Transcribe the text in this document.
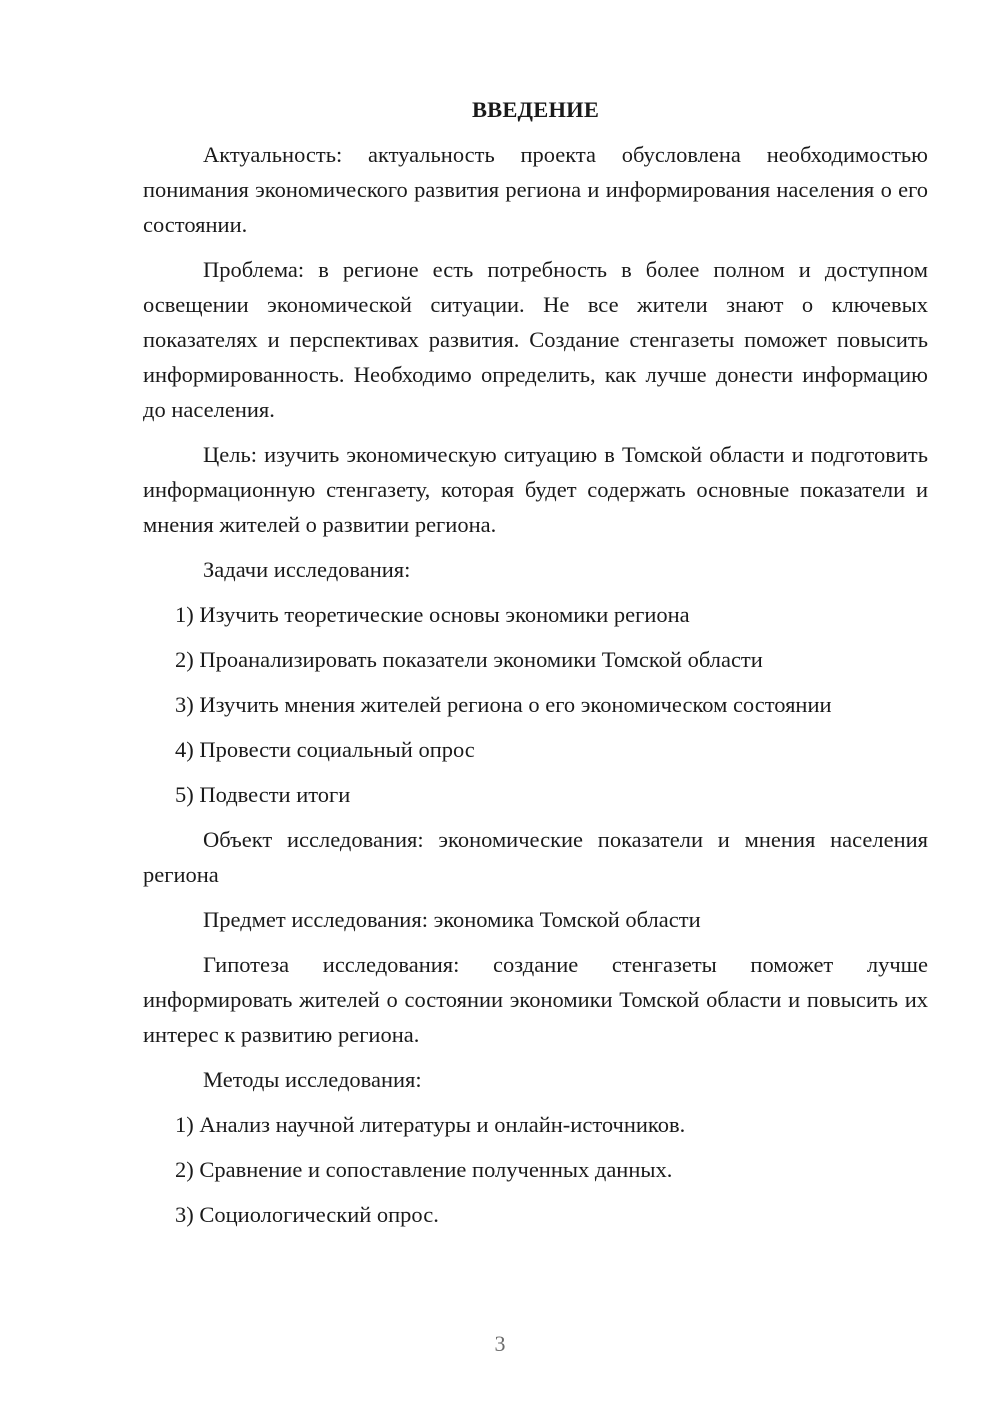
ВВЕДЕНИЕ

Актуальность: актуальность проекта обусловлена необходимостью понимания экономического развития региона и информирования населения о его состоянии.

Проблема: в регионе есть потребность в более полном и доступном освещении экономической ситуации. Не все жители знают о ключевых показателях и перспективах развития. Создание стенгазеты поможет повысить информированность. Необходимо определить, как лучше донести информацию до населения.

Цель: изучить экономическую ситуацию в Томской области и подготовить информационную стенгазету, которая будет содержать основные показатели и мнения жителей о развитии региона.

Задачи исследования:

1) Изучить теоретические основы экономики региона
2) Проанализировать показатели экономики Томской области
3) Изучить мнения жителей региона о его экономическом состоянии
4) Провести социальный опрос
5) Подвести итоги

Объект исследования: экономические показатели и мнения населения региона

Предмет исследования: экономика Томской области

Гипотеза исследования: создание стенгазеты поможет лучше информировать жителей о состоянии экономики Томской области и повысить их интерес к развитию региона.

Методы исследования:

1) Анализ научной литературы и онлайн-источников.
2) Сравнение и сопоставление полученных данных.
3) Социологический опрос.
3
